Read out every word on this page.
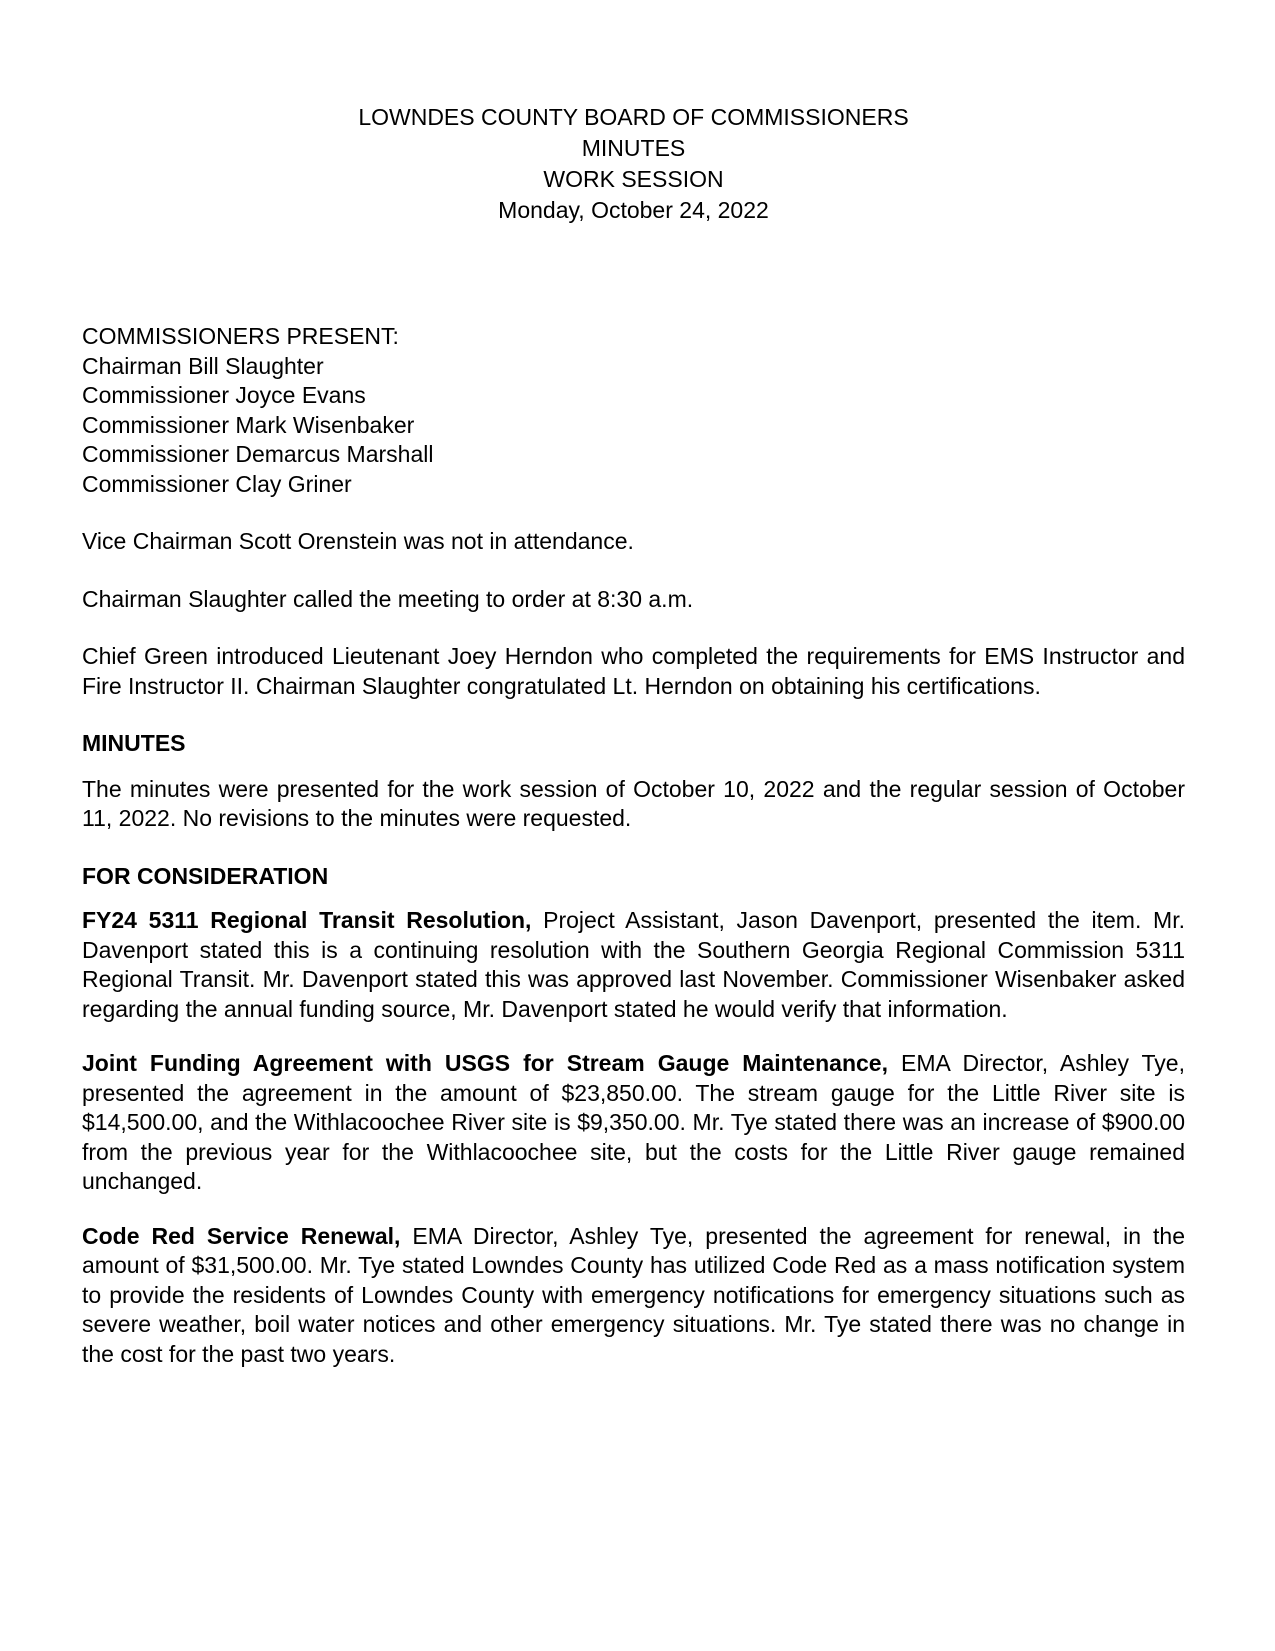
LOWNDES COUNTY BOARD OF COMMISSIONERS
MINUTES
WORK SESSION
Monday, October 24, 2022
COMMISSIONERS PRESENT:
Chairman Bill Slaughter
Commissioner Joyce Evans
Commissioner Mark Wisenbaker
Commissioner Demarcus Marshall
Commissioner Clay Griner

Vice Chairman Scott Orenstein was not in attendance.

Chairman Slaughter called the meeting to order at 8:30 a.m.

Chief Green introduced Lieutenant Joey Herndon who completed the requirements for EMS Instructor and Fire Instructor II. Chairman Slaughter congratulated Lt. Herndon on obtaining his certifications.

MINUTES

The minutes were presented for the work session of October 10, 2022 and the regular session of October 11, 2022. No revisions to the minutes were requested.

FOR CONSIDERATION

FY24 5311 Regional Transit Resolution, Project Assistant, Jason Davenport, presented the item. Mr. Davenport stated this is a continuing resolution with the Southern Georgia Regional Commission 5311 Regional Transit. Mr. Davenport stated this was approved last November. Commissioner Wisenbaker asked regarding the annual funding source, Mr. Davenport stated he would verify that information.

Joint Funding Agreement with USGS for Stream Gauge Maintenance, EMA Director, Ashley Tye, presented the agreement in the amount of $23,850.00. The stream gauge for the Little River site is $14,500.00, and the Withlacoochee River site is $9,350.00. Mr. Tye stated there was an increase of $900.00 from the previous year for the Withlacoochee site, but the costs for the Little River gauge remained unchanged.

Code Red Service Renewal, EMA Director, Ashley Tye, presented the agreement for renewal, in the amount of $31,500.00. Mr. Tye stated Lowndes County has utilized Code Red as a mass notification system to provide the residents of Lowndes County with emergency notifications for emergency situations such as severe weather, boil water notices and other emergency situations. Mr. Tye stated there was no change in the cost for the past two years.
